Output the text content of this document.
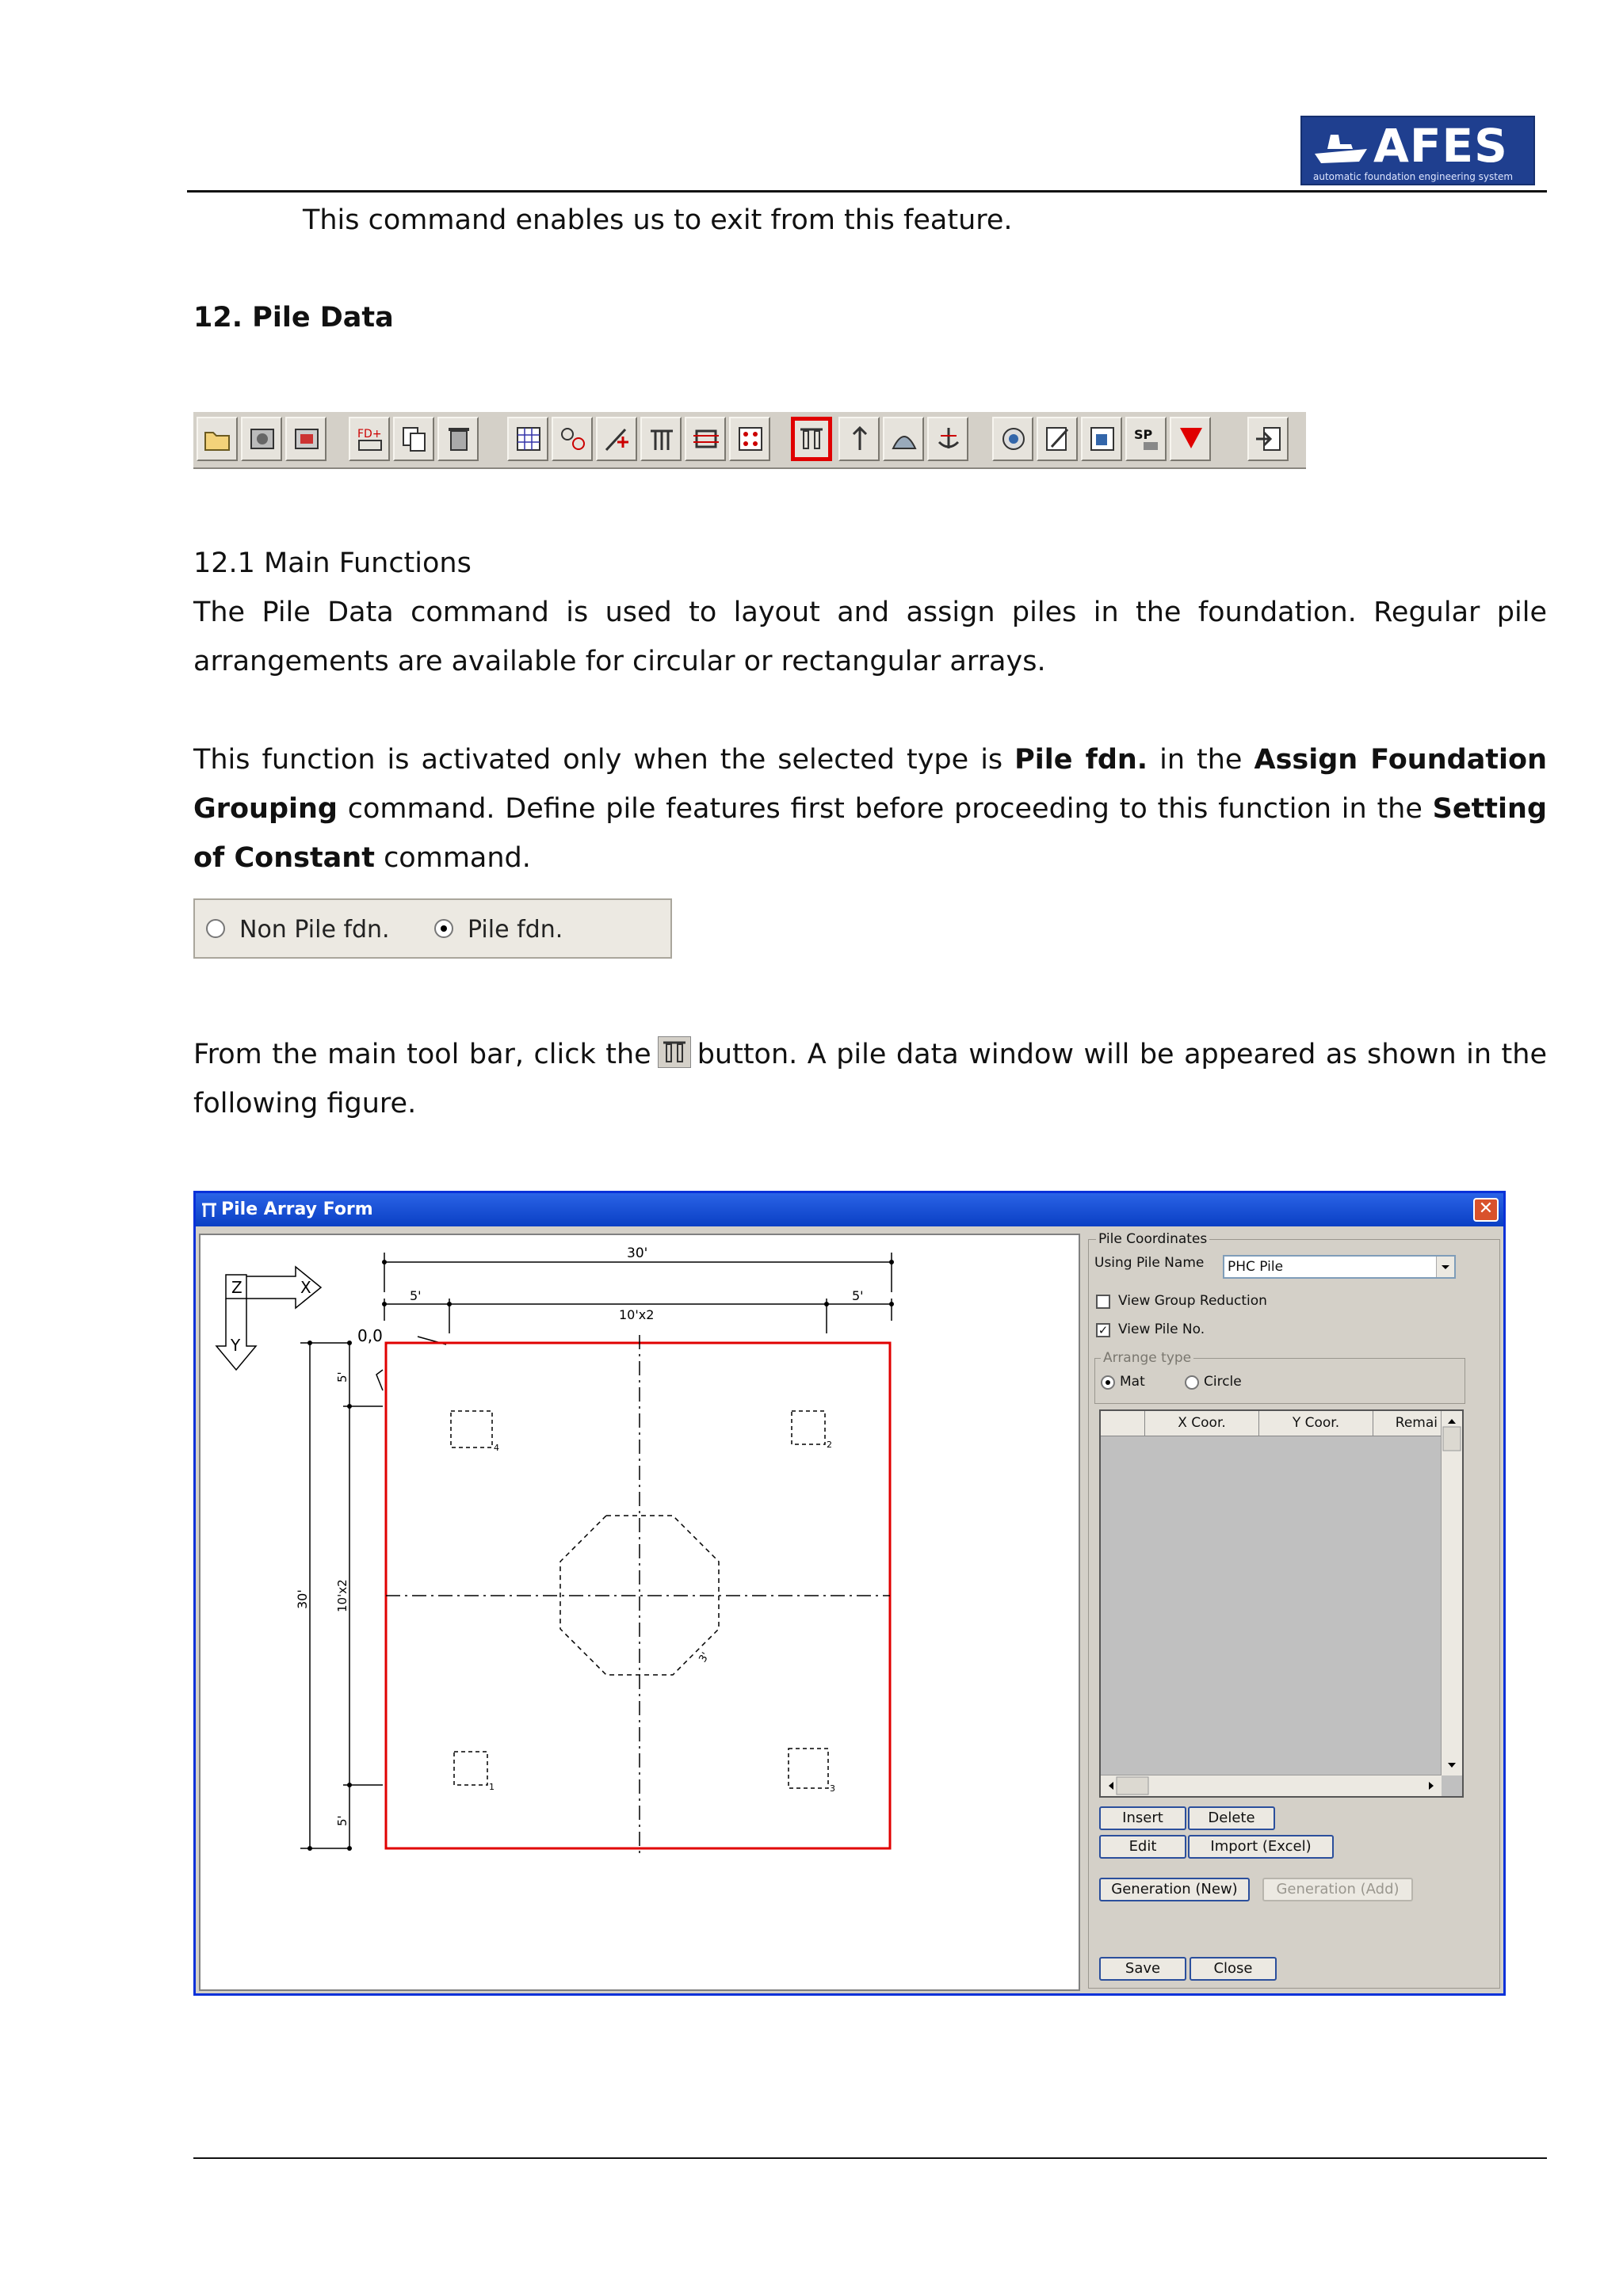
AFES
automatic foundation engineering system

This command enables us to exit from this feature.

12. Pile Data
FD+	SP
12.1 Main Functions

The Pile Data command is used to layout and assign piles in the foundation. Regular pile arrangements are available for circular or rectangular arrays.

This function is activated only when the selected type is Pile fdn. in the Assign Foundation Grouping command. Define pile features first before proceeding to this function in the Setting of Constant command.

Non Pile fdn.	Pile fdn.

From the main tool bar, click the button. A pile data window will be appeared as shown in the following figure.

Pile Array Form	✕
Z	X
Y	0,0
30'
5'	5'
10'x2
30'
5'
10'x2
5'
3'
4	2
1	3
Pile Coordinates
Using Pile Name PHC Pile
View Group Reduction
✓ View Pile No.
Arrange type
Mat	Circle
X Coor.	Y Coor.	Remai
Insert	Delete
Edit	Import (Excel)
Generation (New)	Generation (Add)
Save	Close
